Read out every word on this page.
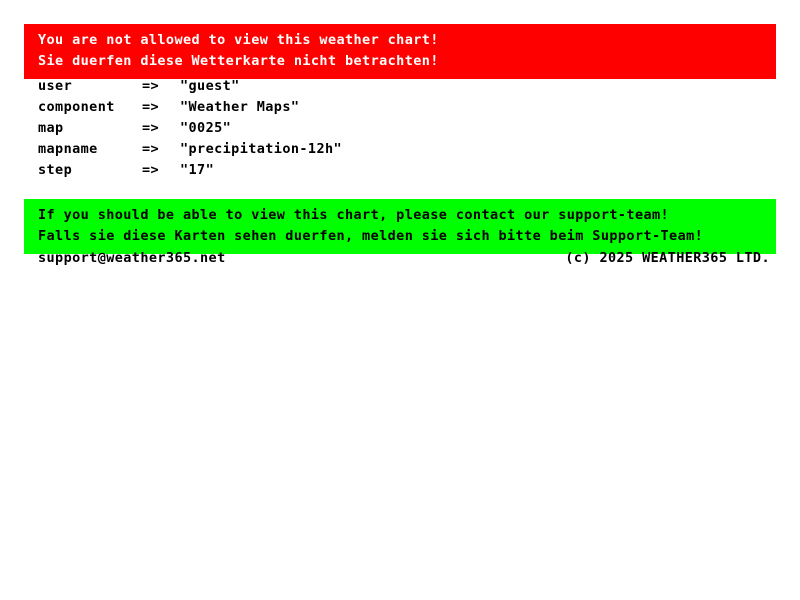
You are not allowed to view this weather chart!
Sie duerfen diese Wetterkarte nicht betrachten!
user	=>	"guest"
component	=>	"Weather Maps"
map	=>	"0025"
mapname	=>	"precipitation-12h"
step	=>	"17"
If you should be able to view this chart, please contact our support-team!
Falls sie diese Karten sehen duerfen, melden sie sich bitte beim Support-Team!
support@weather365.net	(c) 2025 WEATHER365 LTD.
